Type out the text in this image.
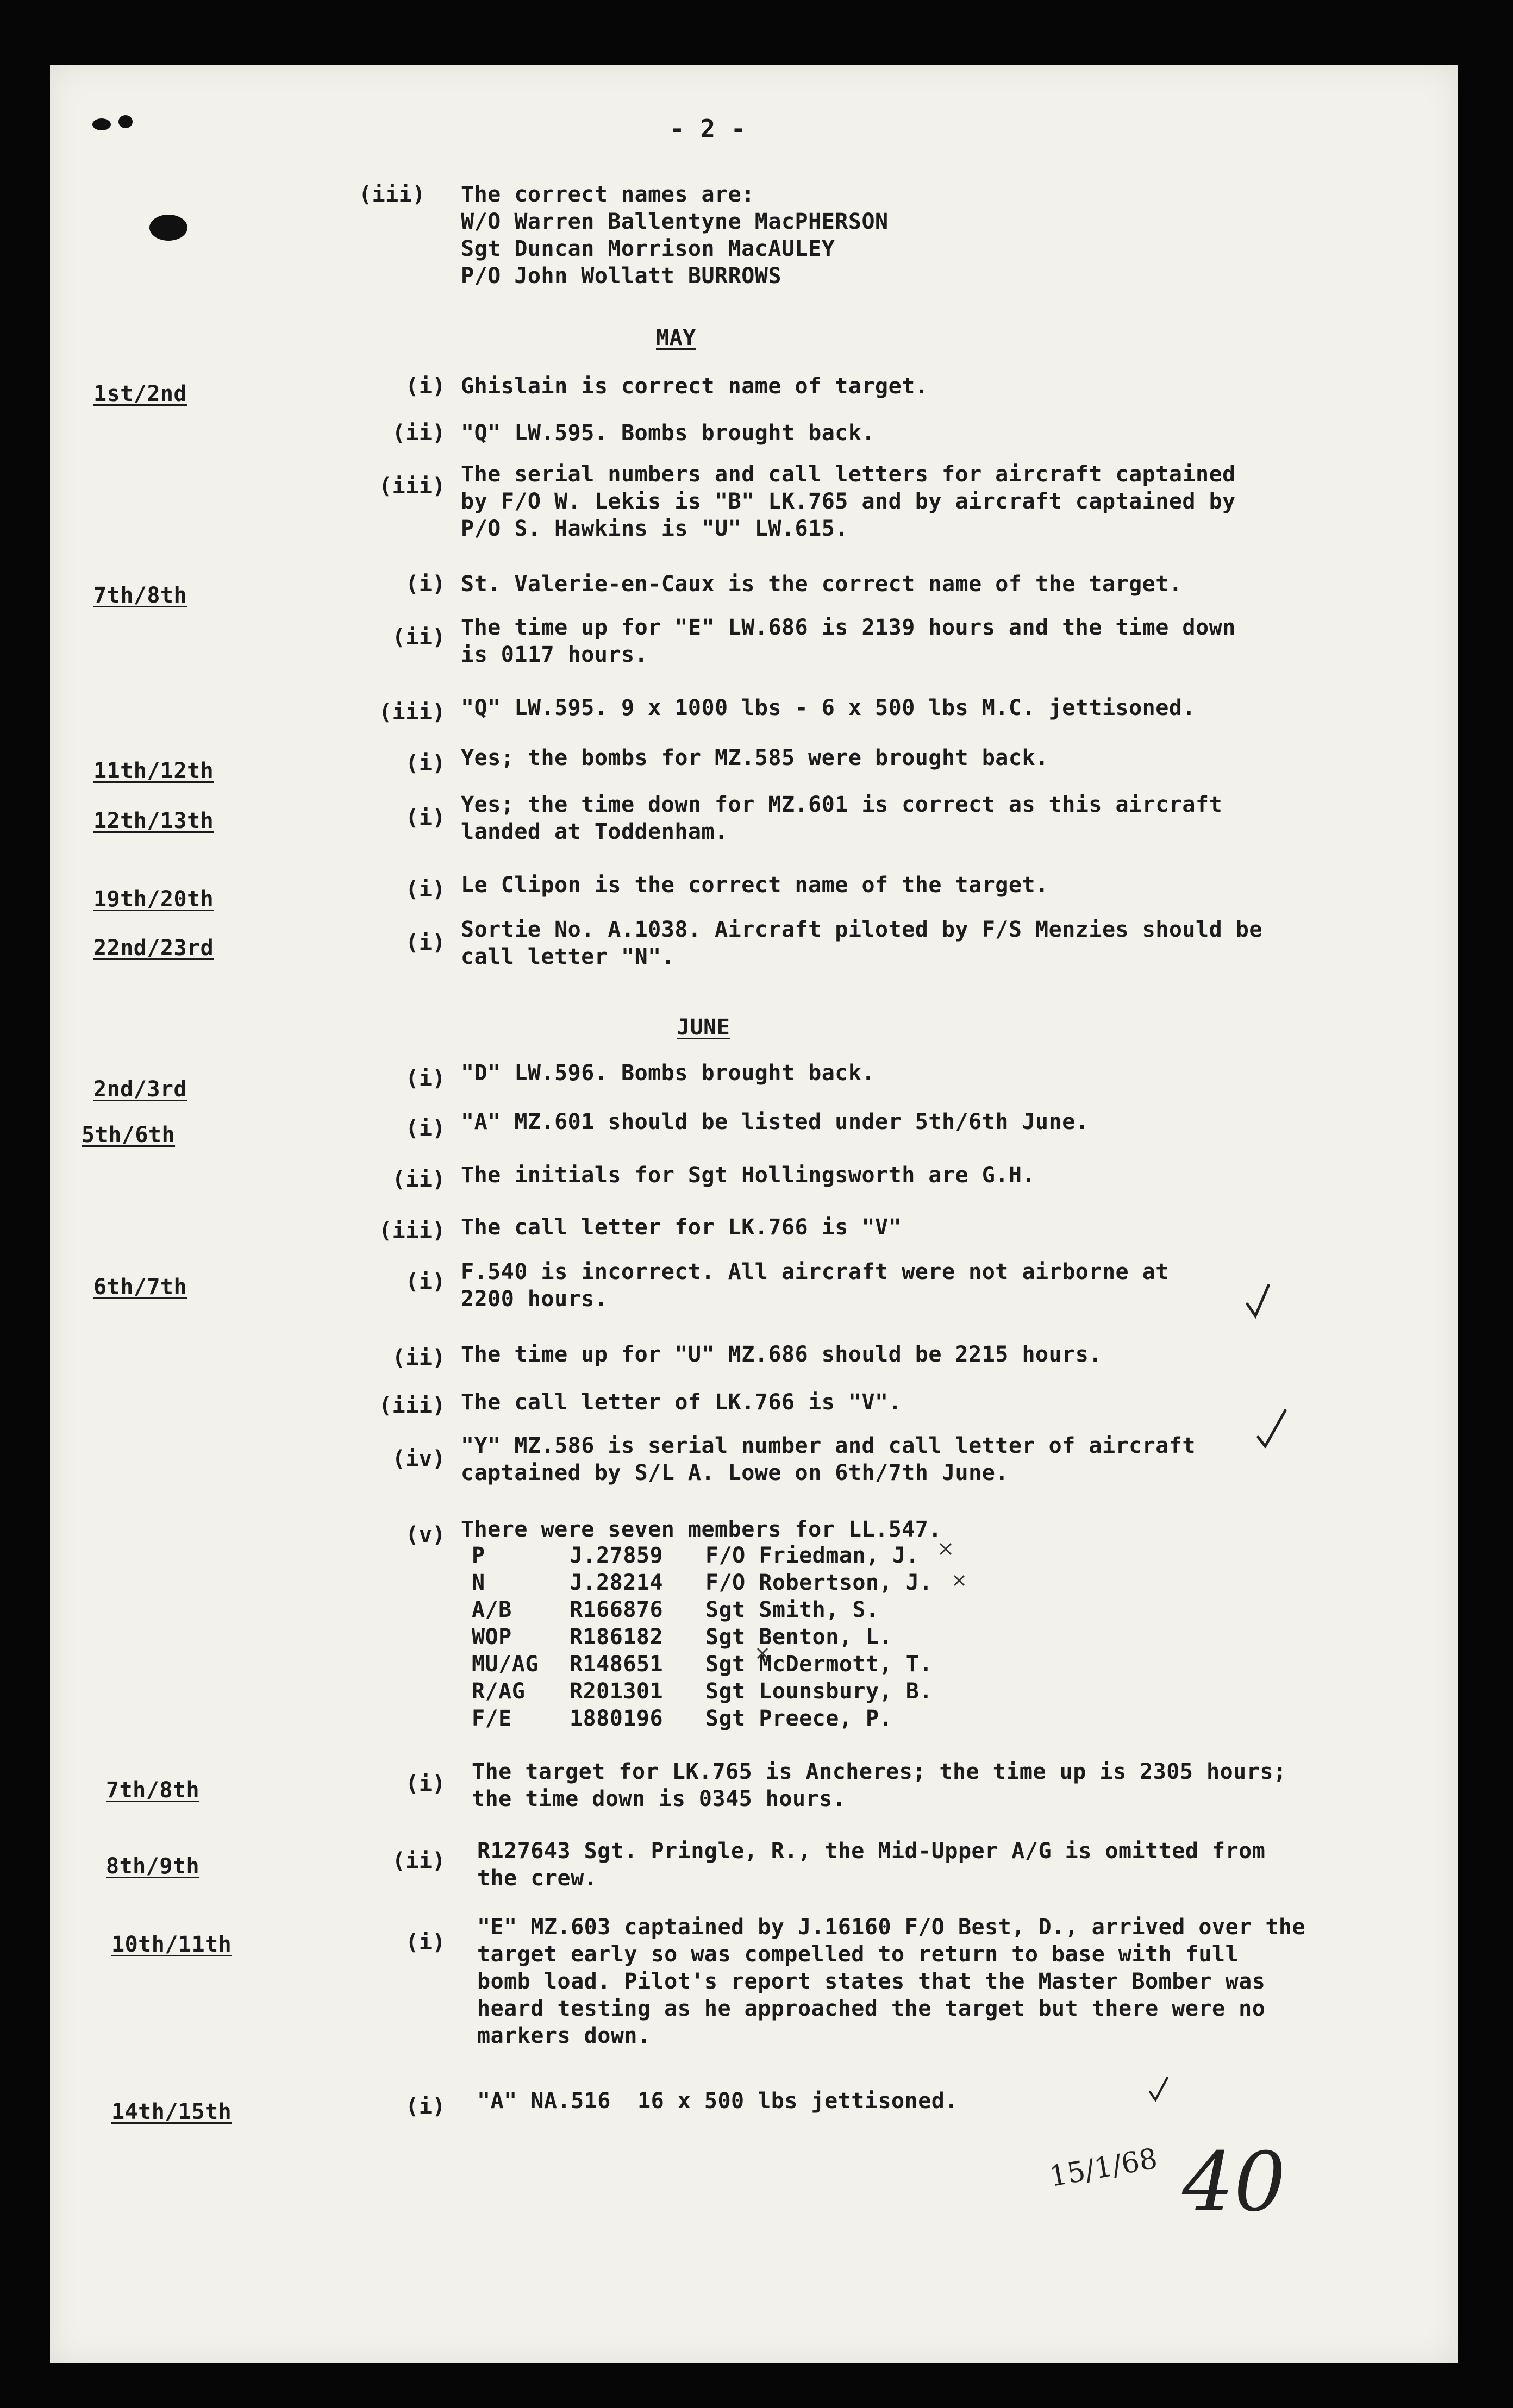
- 2 -
(iii) The correct names are:
W/O Warren Ballentyne MacPHERSON
Sgt Duncan Morrison MacAULEY
P/O John Wollatt BURROWS
MAY
1st/2nd	(i) Ghislain is correct name of target.
(ii) "Q" LW.595. Bombs brought back.
(iii) The serial numbers and call letters for aircraft captained
by F/O W. Lekis is "B" LK.765 and by aircraft captained by
P/O S. Hawkins is "U" LW.615.
7th/8th	(i) St. Valerie-en-Caux is the correct name of the target.
(ii) The time up for "E" LW.686 is 2139 hours and the time down
is 0117 hours.
(iii) "Q" LW.595. 9 x 1000 lbs - 6 x 500 lbs M.C. jettisoned.
11th/12th	(i) Yes; the bombs for MZ.585 were brought back.
12th/13th	(i)
Yes; the time down for MZ.601 is correct as this aircraft
landed at Toddenham.
19th/20th	(i) Le Clipon is the correct name of the target.
22nd/23rd	(i)
Sortie No. A.1038. Aircraft piloted by F/S Menzies should be
call letter "N".
JUNE
2nd/3rd	(i) "D" LW.596. Bombs brought back.
5th/6th	(i) "A" MZ.601 should be listed under 5th/6th June.
(ii) The initials for Sgt Hollingsworth are G.H.
(iii) The call letter for LK.766 is "V"
6th/7th	(i) F.540 is incorrect. All aircraft were not airborne at
2200 hours.
(ii) The time up for "U" MZ.686 should be 2215 hours.
(iii) The call letter of LK.766 is "V".
(iv)
"Y" MZ.586 is serial number and call letter of aircraft
captained by S/L A. Lowe on 6th/7th June.
(v) There were seven members for LL.547.
P	J.27859 F/O Friedman, J.
N	J.28214 F/O Robertson, J.
A/B	R166876 Sgt Smith, S.
WOP	R186182 Sgt Benton, L.
MU/AG R148651 Sgt McDermott, T.
R/AG R201301 Sgt Lounsbury, B.
F/E	1880196 Sgt Preece, P.
7th/8th	(i) The target for LK.765 is Ancheres; the time up is 2305 hours;
the time down is 0345 hours.
8th/9th	(ii) R127643 Sgt. Pringle, R., the Mid-Upper A/G is omitted from
the crew.
10th/11th	(i)
"E" MZ.603 captained by J.16160 F/O Best, D., arrived over the
target early so was compelled to return to base with full
bomb load. Pilot's report states that the Master Bomber was
heard testing as he approached the target but there were no
markers down.
14th/15th	(i) "A" NA.516  16 x 500 lbs jettisoned.
15/1/68 40
